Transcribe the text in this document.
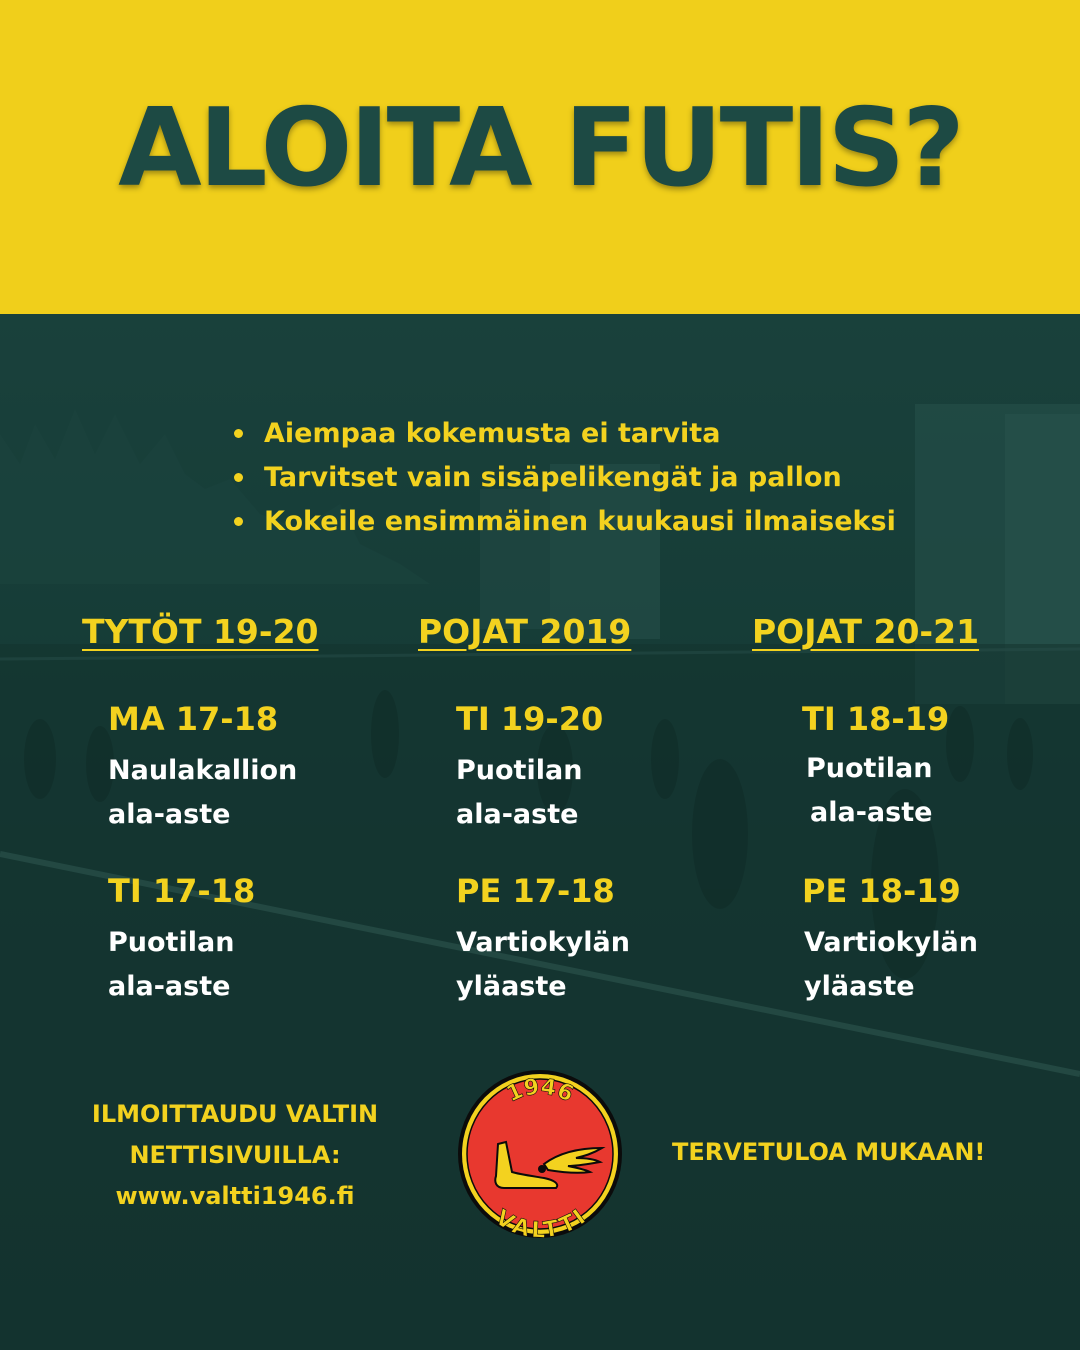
ALOITA FUTIS?
Aiempaa kokemusta ei tarvita
Tarvitset vain sisäpelikengät ja pallon
Kokeile ensimmäinen kuukausi ilmaiseksi
TYTÖT 19-20	POJAT 2019	POJAT 20-21
MA 17-18
Naulakallion
ala-aste
TI 17-18
Puotilan
ala-aste
TI 19-20
Puotilan
ala-aste
PE 17-18
Vartiokylän
yläaste
TI 18-19
Puotilan
ala-aste
PE 18-19
Vartiokylän
yläaste
ILMOITTAUDU VALTIN
NETTISIVUILLA:
www.valtti1946.fi
TERVETULOA MUKAAN!
1946
VALTTI
